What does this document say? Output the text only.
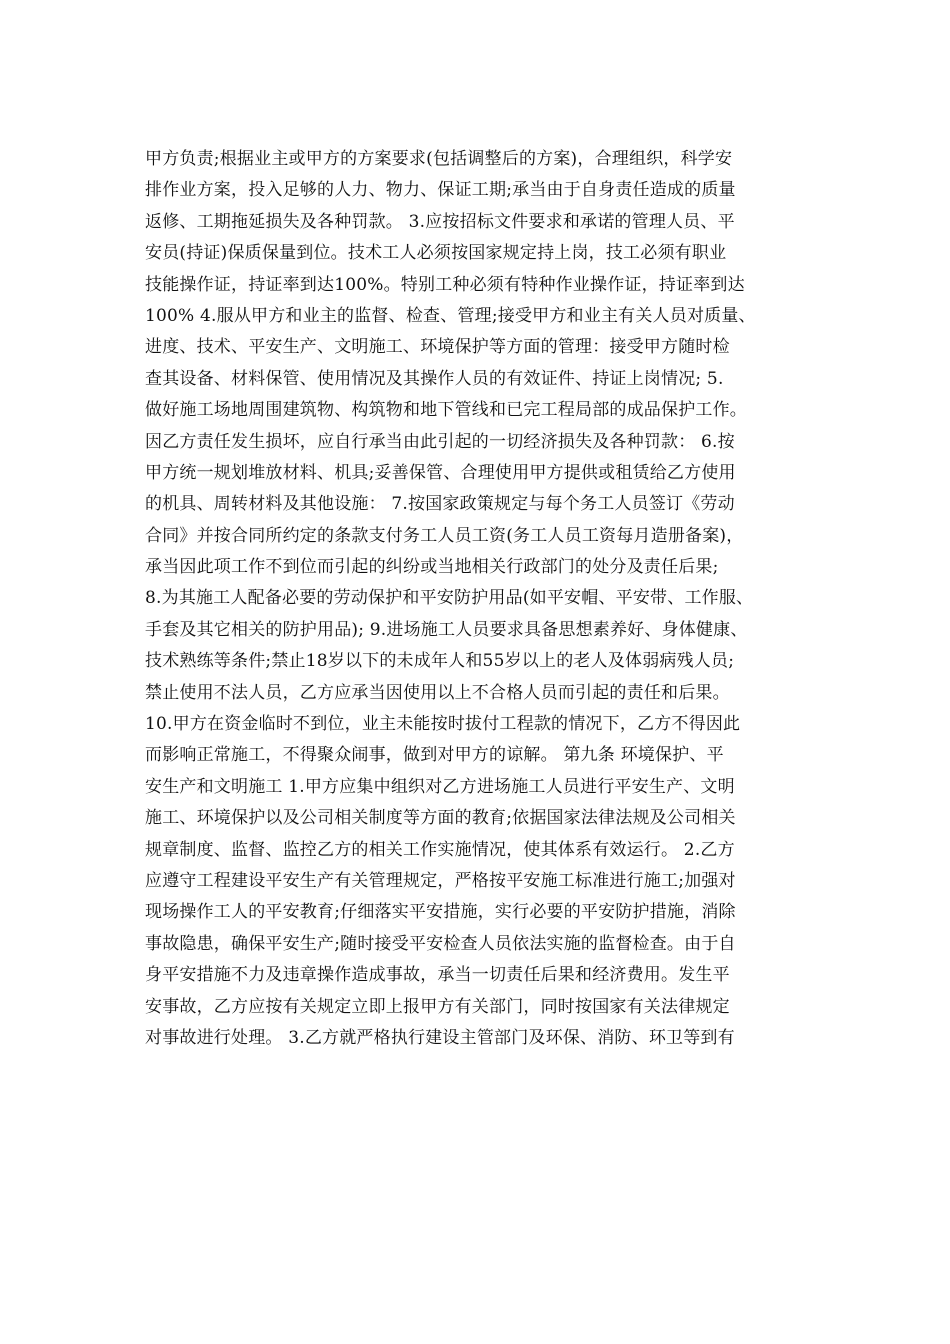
甲方负责;根据业主或甲方的方案要求(包括调整后的方案)，合理组织，科学安
排作业方案，投入足够的人力、物力、保证工期;承当由于自身责任造成的质量
返修、工期拖延损失及各种罚款。 3.应按招标文件要求和承诺的管理人员、平
安员(持证)保质保量到位。技术工人必须按国家规定持上岗，技工必须有职业
技能操作证，持证率到达100%。特别工种必须有特种作业操作证，持证率到达
100% 4.服从甲方和业主的监督、检查、管理;接受甲方和业主有关人员对质量、
进度、技术、平安生产、文明施工、环境保护等方面的管理：接受甲方随时检
查其设备、材料保管、使用情况及其操作人员的有效证件、持证上岗情况; 5.
做好施工场地周围建筑物、构筑物和地下管线和已完工程局部的成品保护工作。
因乙方责任发生损坏，应自行承当由此引起的一切经济损失及各种罚款： 6.按
甲方统一规划堆放材料、机具;妥善保管、合理使用甲方提供或租赁给乙方使用
的机具、周转材料及其他设施： 7.按国家政策规定与每个务工人员签订《劳动
合同》并按合同所约定的条款支付务工人员工资(务工人员工资每月造册备案)，
承当因此项工作不到位而引起的纠纷或当地相关行政部门的处分及责任后果;
8.为其施工人配备必要的劳动保护和平安防护用品(如平安帽、平安带、工作服、
手套及其它相关的防护用品); 9.进场施工人员要求具备思想素养好、身体健康、
技术熟练等条件;禁止18岁以下的未成年人和55岁以上的老人及体弱病残人员;
禁止使用不法人员，乙方应承当因使用以上不合格人员而引起的责任和后果。
10.甲方在资金临时不到位，业主未能按时拔付工程款的情况下，乙方不得因此
而影响正常施工，不得聚众闹事，做到对甲方的谅解。 第九条 环境保护、平
安生产和文明施工 1.甲方应集中组织对乙方进场施工人员进行平安生产、文明
施工、环境保护以及公司相关制度等方面的教育;依据国家法律法规及公司相关
规章制度、监督、监控乙方的相关工作实施情况，使其体系有效运行。 2.乙方
应遵守工程建设平安生产有关管理规定，严格按平安施工标准进行施工;加强对
现场操作工人的平安教育;仔细落实平安措施，实行必要的平安防护措施，消除
事故隐患，确保平安生产;随时接受平安检查人员依法实施的监督检查。由于自
身平安措施不力及违章操作造成事故，承当一切责任后果和经济费用。发生平
安事故，乙方应按有关规定立即上报甲方有关部门，同时按国家有关法律规定
对事故进行处理。 3.乙方就严格执行建设主管部门及环保、消防、环卫等到有
